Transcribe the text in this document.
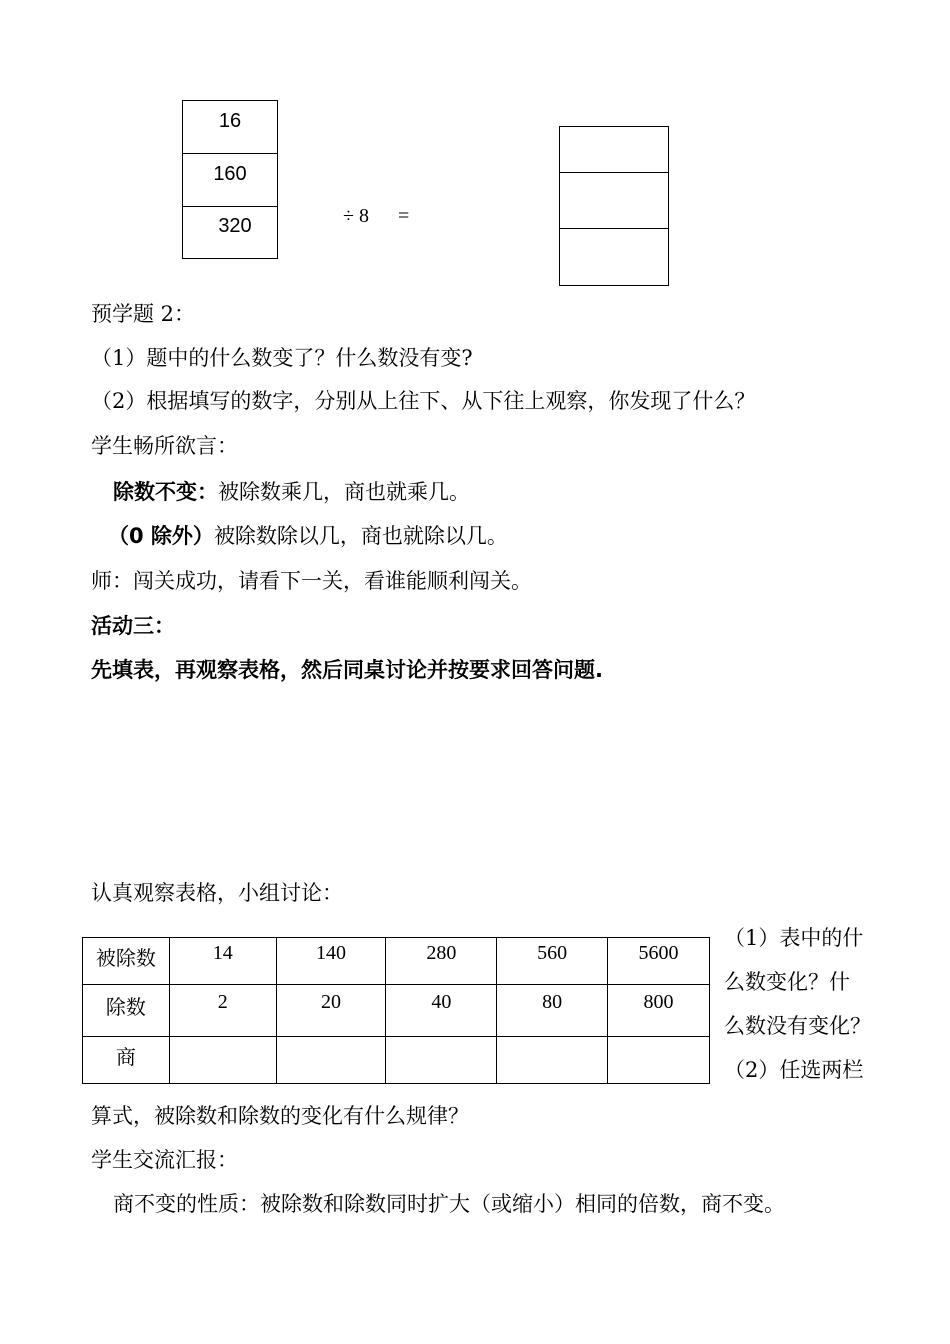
16
160
320	÷ 8 =
预学题 2：
（1）题中的什么数变了？什么数没有变?
（2）根据填写的数字，分别从上往下、从下往上观察，你发现了什么？
学生畅所欲言：
除数不变：被除数乘几，商也就乘几。
（0 除外）被除数除以几，商也就除以几。
师：闯关成功，请看下一关，看谁能顺利闯关。
活动三：
先填表，再观察表格，然后同桌讨论并按要求回答问题.
认真观察表格，小组讨论：
被除数	14	140	280	560	5600
除数	2	20	40	80	800
商					
（1）表中的什
么数变化？什
么数没有变化？
（2）任选两栏
算式，被除数和除数的变化有什么规律？
学生交流汇报：
商不变的性质：被除数和除数同时扩大（或缩小）相同的倍数，商不变。
